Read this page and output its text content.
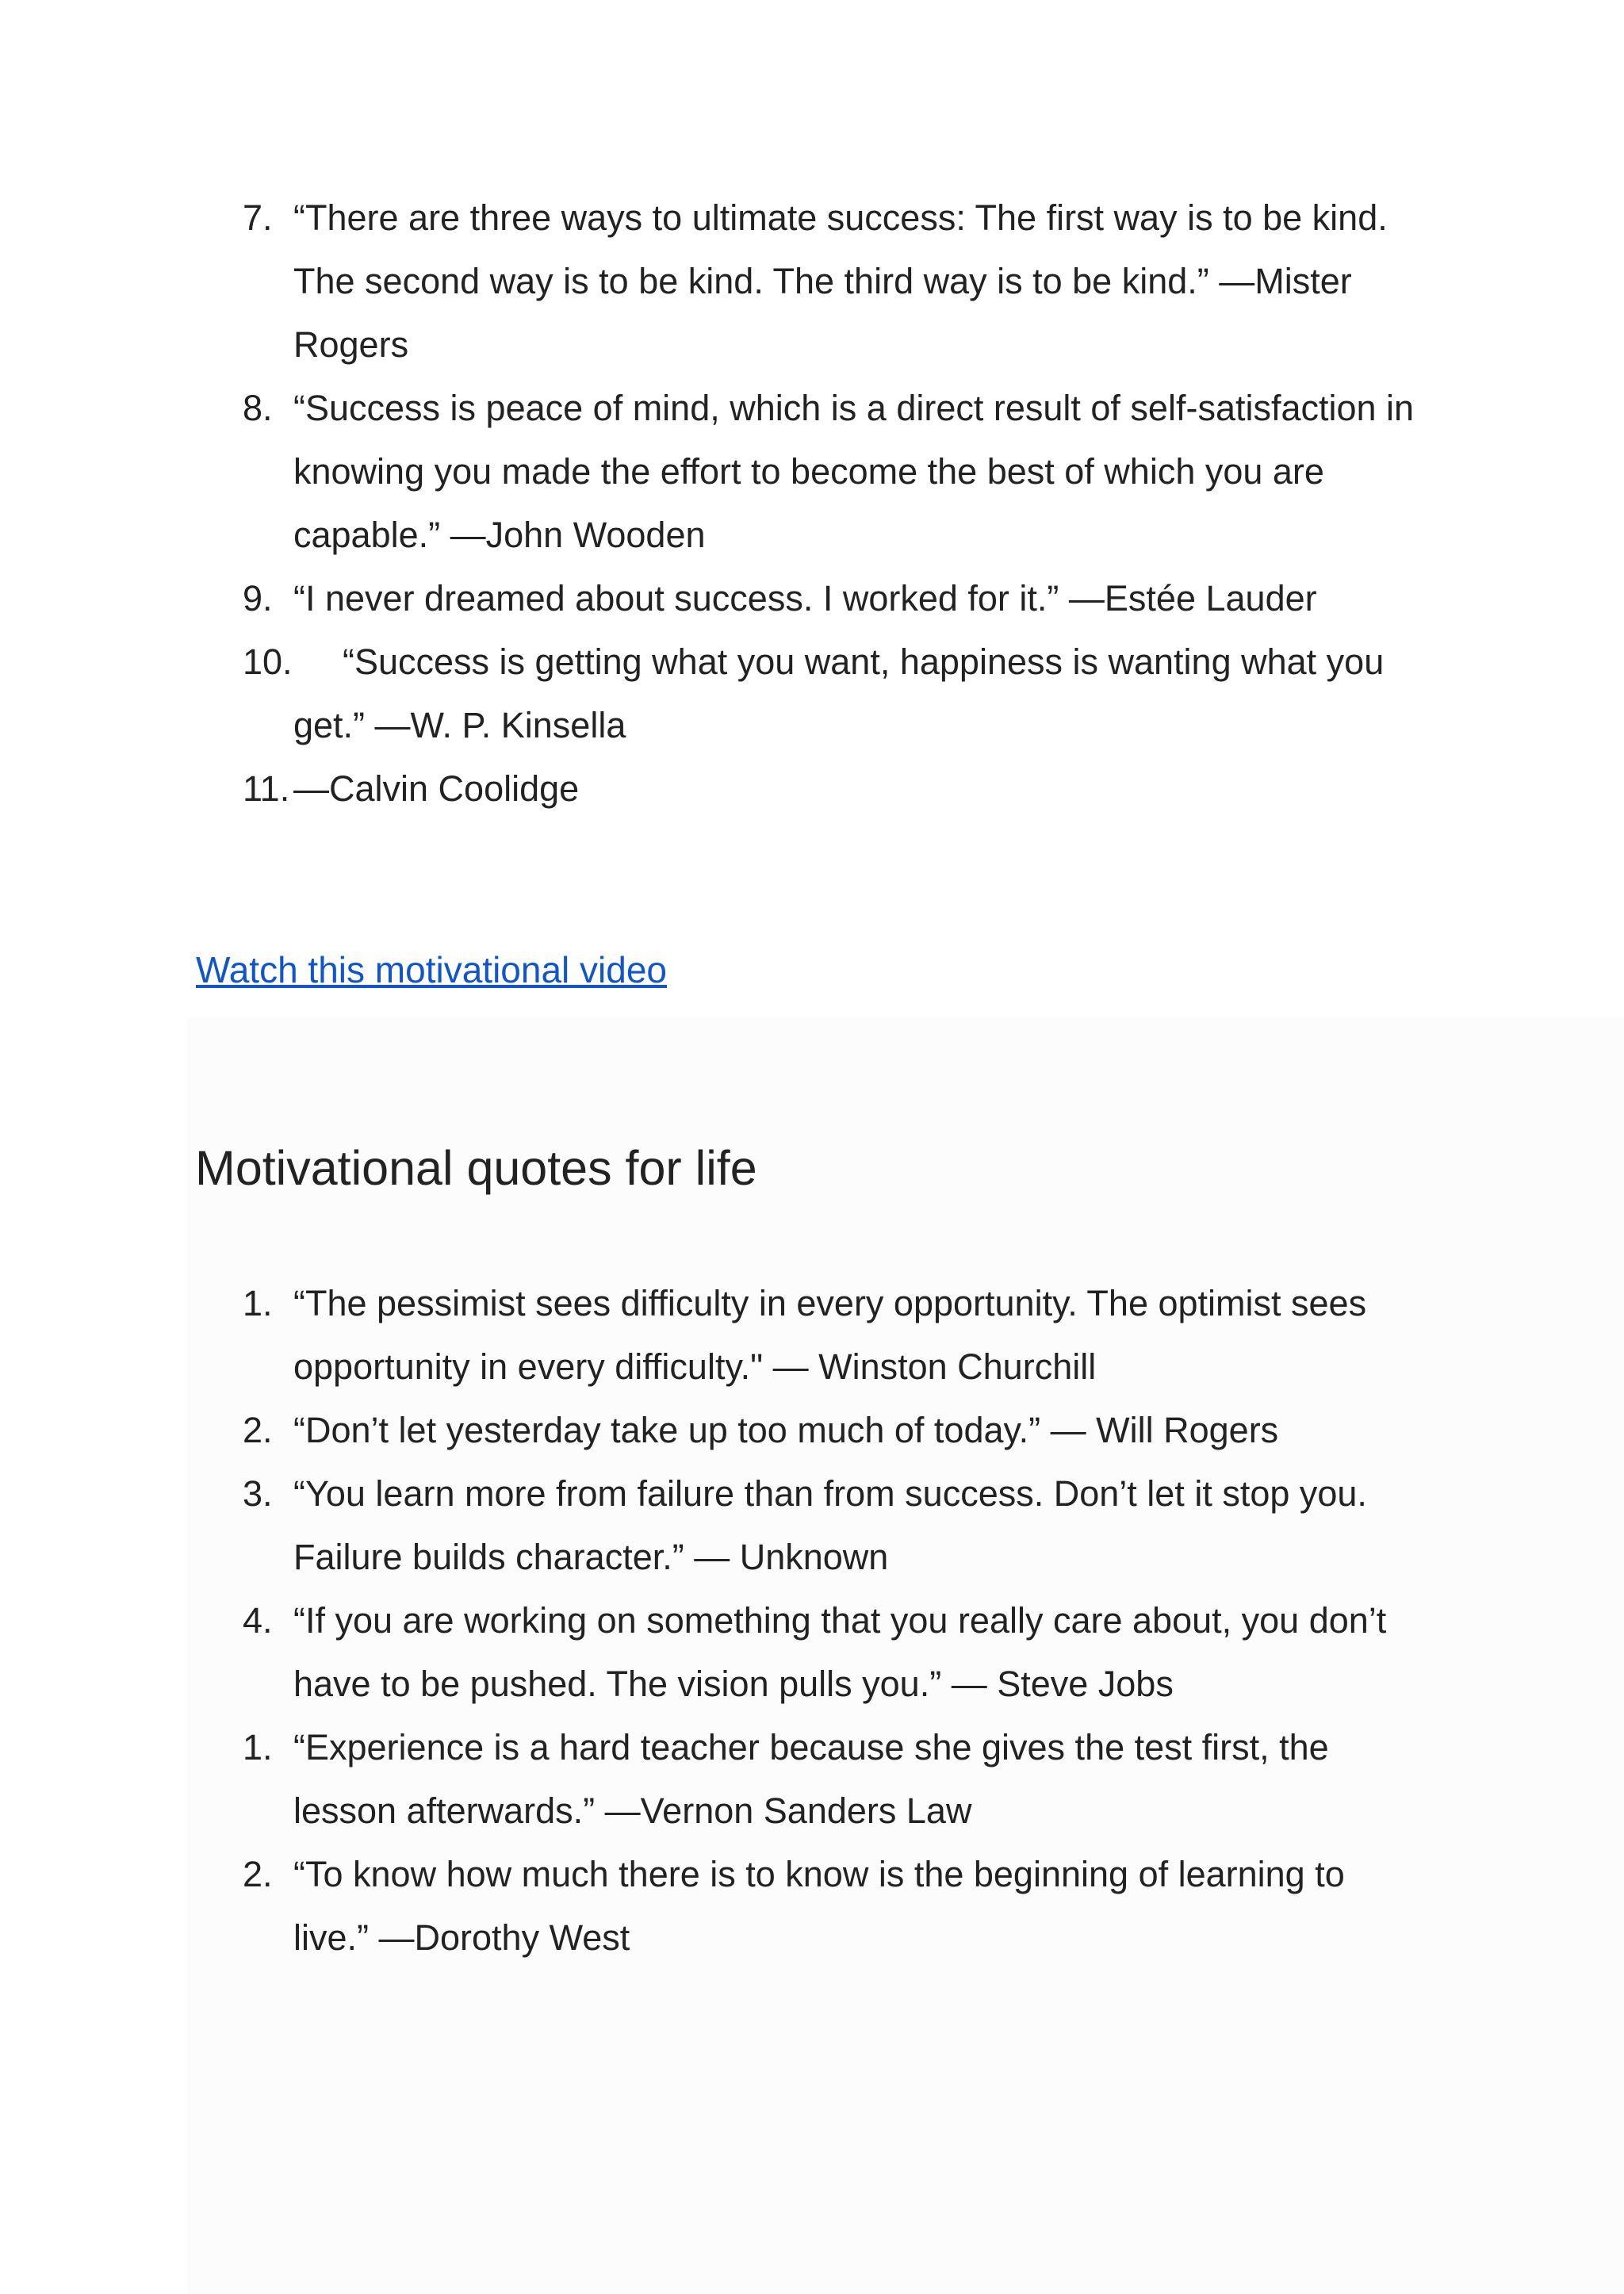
7. “There are three ways to ultimate success: The first way is to be kind. The second way is to be kind. The third way is to be kind.” —Mister Rogers
8. “Success is peace of mind, which is a direct result of self-satisfaction in knowing you made the effort to become the best of which you are capable.” —John Wooden
9. “I never dreamed about success. I worked for it.” —Estée Lauder
10.	“Success is getting what you want, happiness is wanting what you get.” —W. P. Kinsella
11. —Calvin Coolidge
Watch this motivational video
Motivational quotes for life
1. “The pessimist sees difficulty in every opportunity. The optimist sees opportunity in every difficulty." — Winston Churchill
2. “Don’t let yesterday take up too much of today.” — Will Rogers
3. “You learn more from failure than from success. Don’t let it stop you. Failure builds character.” — Unknown
4. “If you are working on something that you really care about, you don’t have to be pushed. The vision pulls you.” — Steve Jobs
1. “Experience is a hard teacher because she gives the test first, the lesson afterwards.” —Vernon Sanders Law
2. “To know how much there is to know is the beginning of learning to live.” —Dorothy West
